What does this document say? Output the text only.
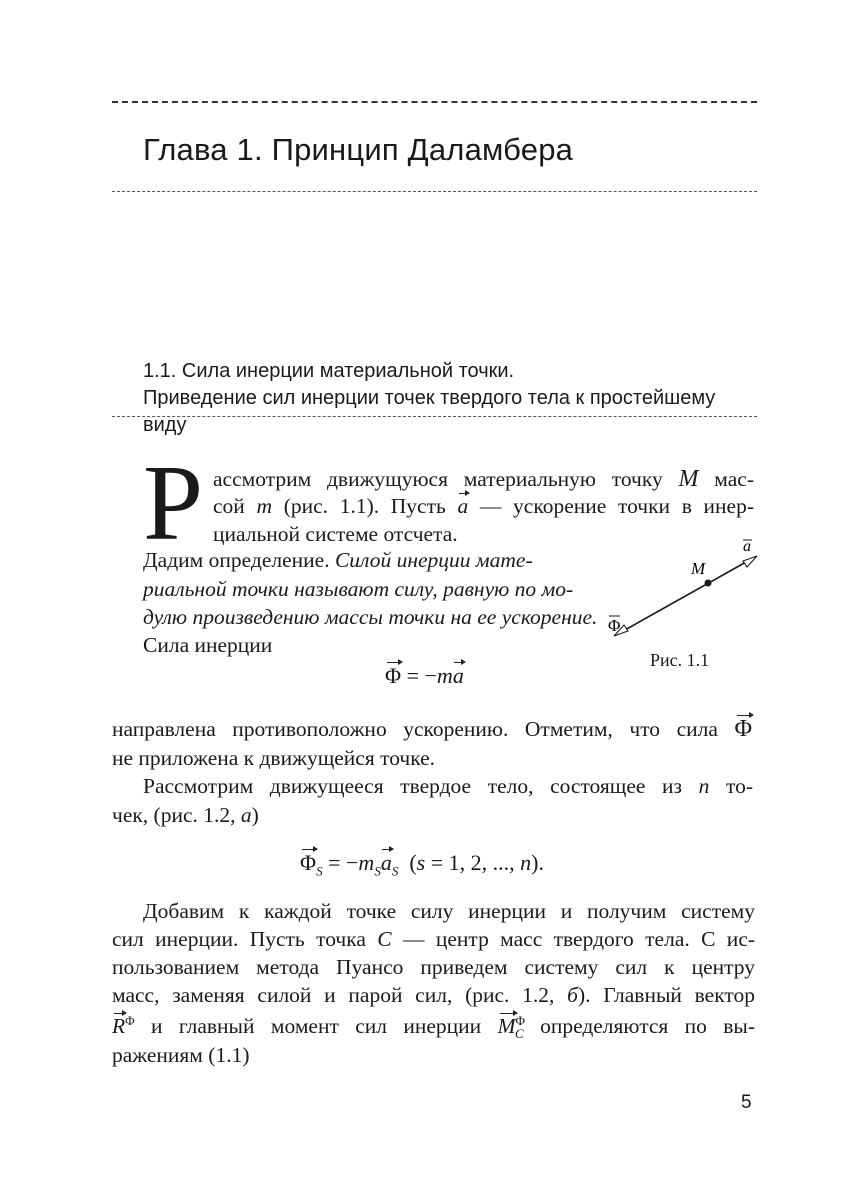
Глава 1. Принцип Даламбера
1.1. Сила инерции материальной точки.
Приведение сил инерции точек твердого тела к простейшему виду
Р ассмотрим движущуюся материальную точку M мас-
сой m (рис. 1.1). Пусть a — ускорение точки в инер-
циальной системе отсчета.
Дадим определение. Силой инерции мате-
риальной точки называют силу, равную по мо-
дулю произведению массы точки на ее ускорение.
Сила инерции
M
a
Φ
Рис. 1.1
Φ = −ma
направлена противоположно ускорению. Отметим, что сила Φ
не приложена к движущейся точке.
Рассмотрим движущееся твердое тело, состоящее из n то-
чек, (рис. 1.2, a)
$\Phi_S = -m_Sa_S$ (s = 1, 2, ..., n).
Добавим к каждой точке силу инерции и получим систему
сил инерции. Пусть точка C — центр масс твердого тела. С ис-
пользованием метода Пуансо приведем систему сил к центру
масс, заменяя силой и парой сил, (рис. 1.2, б). Главный вектор
$R^\Phi$ и главный момент сил инерции $M^\Phi_C$ определяются по вы-
ражениям (1.1)
5
